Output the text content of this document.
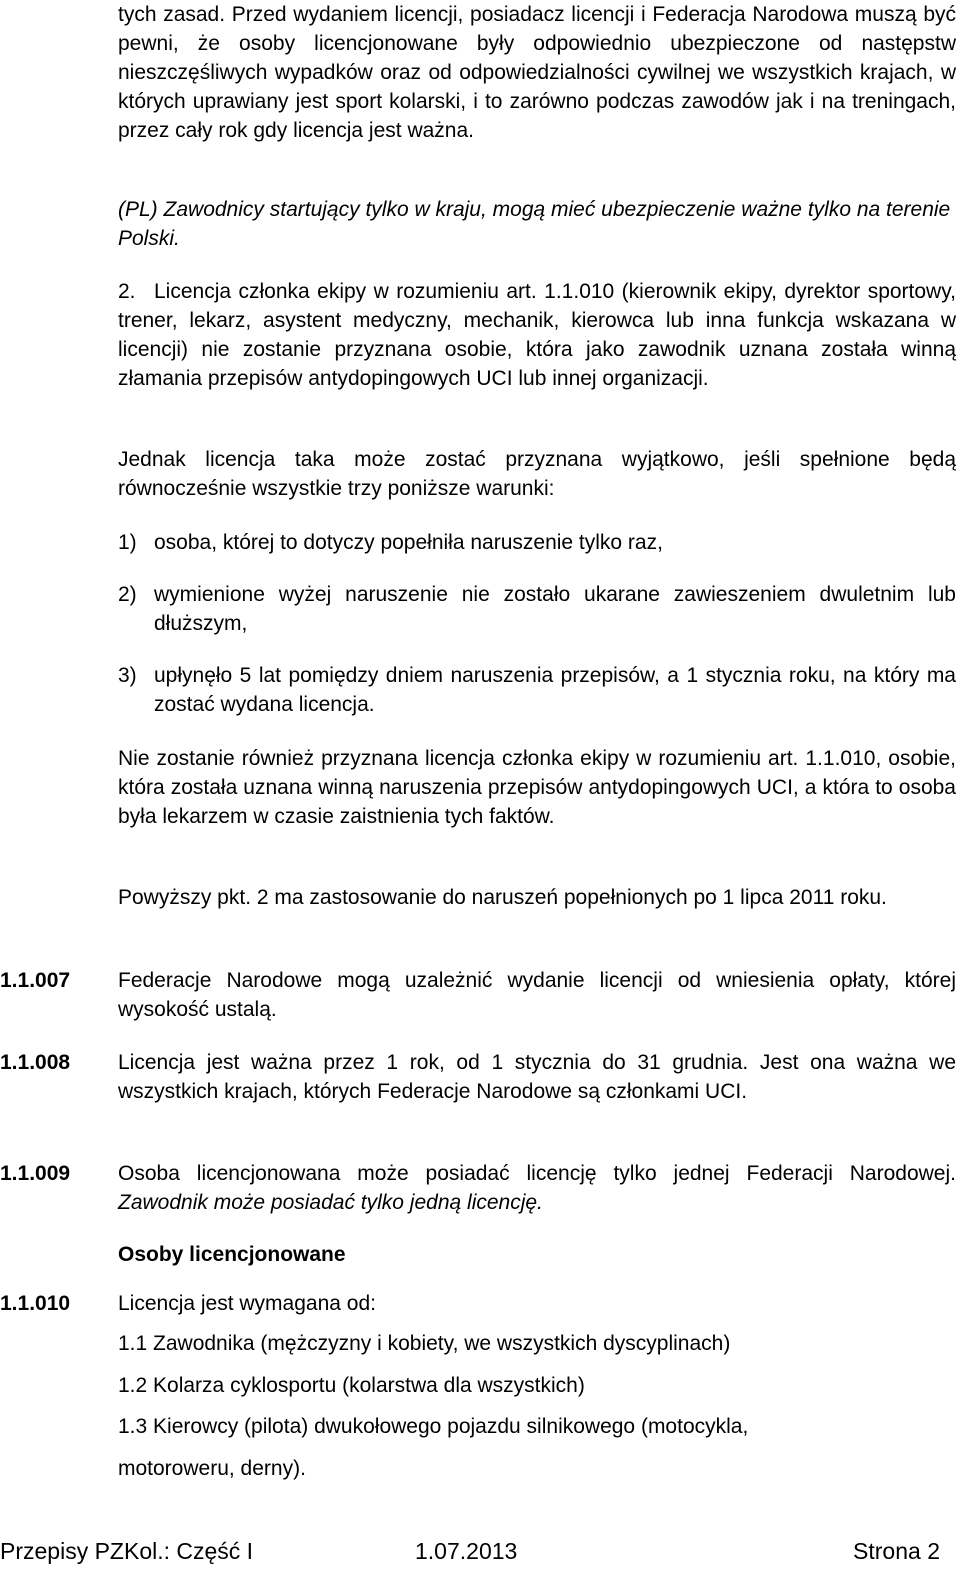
tych zasad. Przed wydaniem licencji, posiadacz licencji i Federacja Narodowa muszą być pewni, że osoby licencjonowane były odpowiednio ubezpieczone od następstw nieszczęśliwych wypadków oraz od odpowiedzialności cywilnej we wszystkich krajach, w których uprawiany jest sport kolarski, i to zarówno podczas zawodów jak i na treningach, przez cały rok gdy licencja jest ważna.
(PL) Zawodnicy startujący tylko w kraju, mogą mieć ubezpieczenie ważne tylko na terenie Polski.
2. Licencja członka ekipy w rozumieniu art. 1.1.010 (kierownik ekipy, dyrektor sportowy, trener, lekarz, asystent medyczny, mechanik, kierowca lub inna funkcja wskazana w licencji) nie zostanie przyznana osobie, która jako zawodnik uznana została winną złamania przepisów antydopingowych UCI lub innej organizacji.
Jednak licencja taka może zostać przyznana wyjątkowo, jeśli spełnione będą równocześnie wszystkie trzy poniższe warunki:
1) osoba, której to dotyczy popełniła naruszenie tylko raz,
2) wymienione wyżej naruszenie nie zostało ukarane zawieszeniem dwuletnim lub dłuższym,
3) upłynęło 5 lat pomiędzy dniem naruszenia przepisów, a 1 stycznia roku, na który ma zostać wydana licencja.
Nie zostanie również przyznana licencja członka ekipy w rozumieniu art. 1.1.010, osobie, która została uznana winną naruszenia przepisów antydopingowych UCI, a która to osoba była lekarzem w czasie zaistnienia tych faktów.
Powyższy pkt. 2 ma zastosowanie do naruszeń popełnionych po 1 lipca 2011 roku.
1.1.007 Federacje Narodowe mogą uzależnić wydanie licencji od wniesienia opłaty, której wysokość ustalą.
1.1.008 Licencja jest ważna przez 1 rok, od 1 stycznia do 31 grudnia. Jest ona ważna we wszystkich krajach, których Federacje Narodowe są członkami UCI.
1.1.009 Osoba licencjonowana może posiadać licencję tylko jednej Federacji Narodowej. Zawodnik może posiadać tylko jedną licencję.
Osoby licencjonowane
1.1.010 Licencja jest wymagana od:
1.1 Zawodnika (mężczyzny i kobiety, we wszystkich dyscyplinach)
1.2 Kolarza cyklosportu (kolarstwa dla wszystkich)
1.3 Kierowcy (pilota) dwukołowego pojazdu silnikowego (motocykla,
motoroweru, derny).
Przepisy PZKol.: Część I	1.07.2013	Strona 2
